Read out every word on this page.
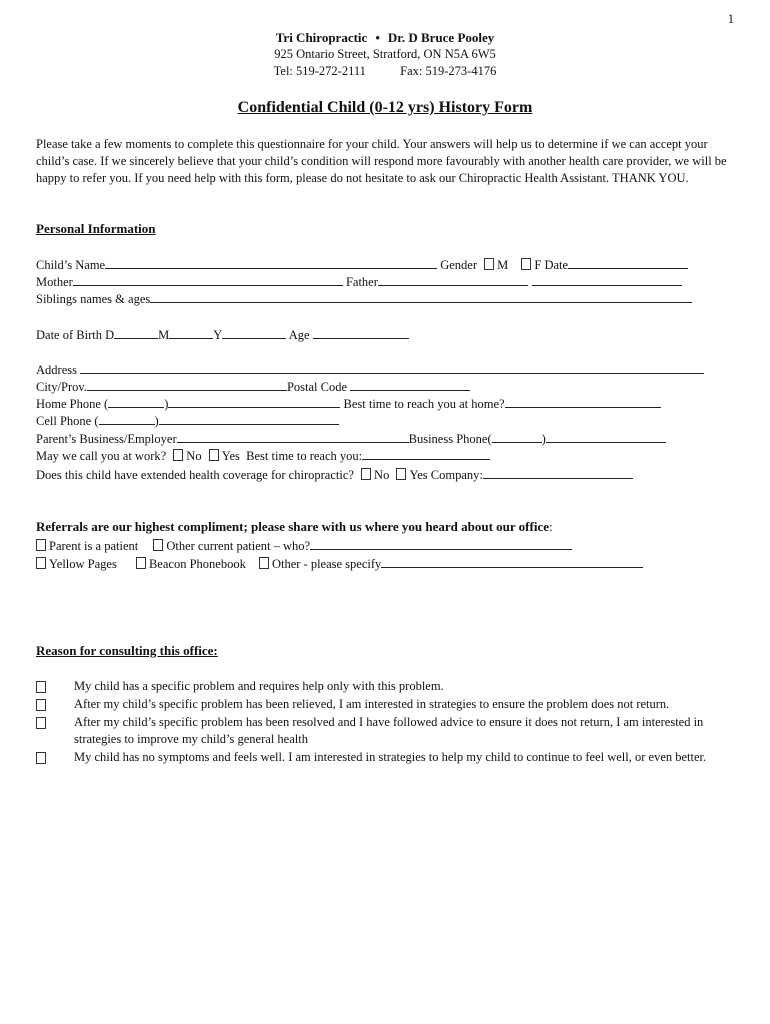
1
Tri Chiropractic • Dr. D Bruce Pooley
925 Ontario Street, Stratford, ON N5A 6W5
Tel: 519-272-2111	Fax: 519-273-4176
Confidential Child (0-12 yrs) History Form
Please take a few moments to complete this questionnaire for your child. Your answers will help us to determine if we can accept your child’s case. If we sincerely believe that your child’s condition will respond more favourably with another health care provider, we will be happy to refer you. If you need help with this form, please do not hesitate to ask our Chiropractic Health Assistant. THANK YOU.
Personal Information
Child’s Name	Gender M F Date
Mother	Father
Siblings names & ages
Date of Birth D	M	Y	Age
Address
City/Prov.	Postal Code
Home Phone (	)	Best time to reach you at home?
Cell Phone (	)
Parent’s Business/Employer	Business Phone(	)
May we call you at work? No Yes Best time to reach you:
Does this child have extended health coverage for chiropractic? No Yes Company:
Referrals are our highest compliment; please share with us where you heard about our office:
Parent is a patient Other current patient – who?
Yellow Pages	Beacon Phonebook Other - please specify
Reason for consulting this office:
My child has a specific problem and requires help only with this problem.
After my child’s specific problem has been relieved, I am interested in strategies to ensure the problem does not return.
After my child’s specific problem has been resolved and I have followed advice to ensure it does not return, I am interested in strategies to improve my child’s general health
My child has no symptoms and feels well. I am interested in strategies to help my child to continue to feel well, or even better.
